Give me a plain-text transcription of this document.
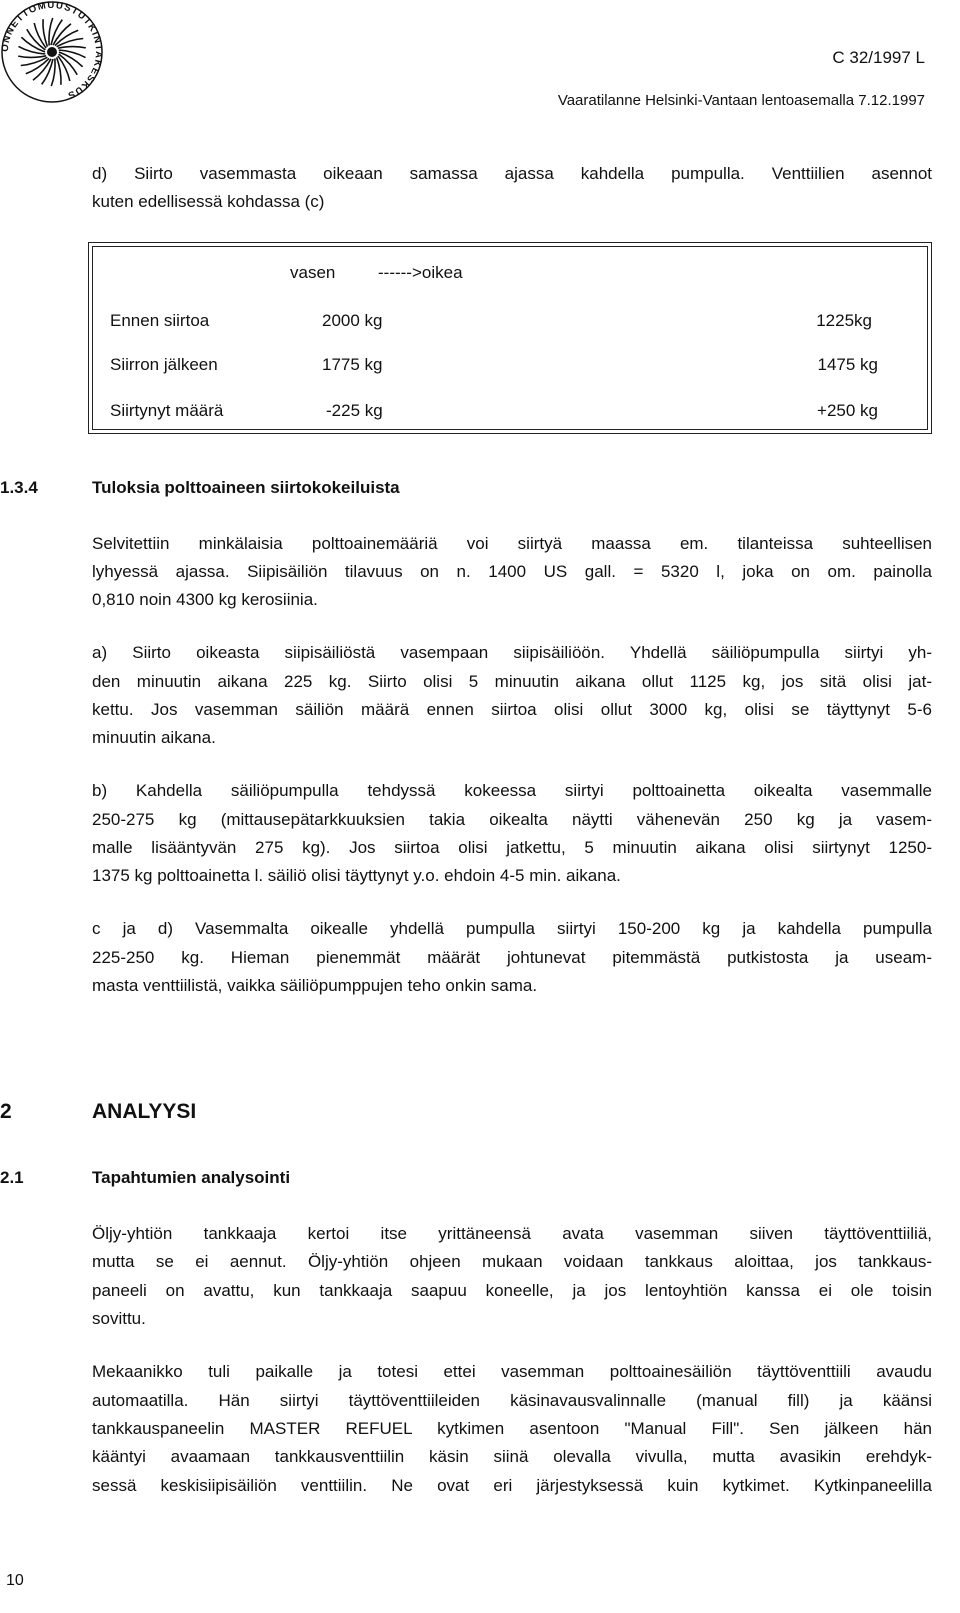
ONNETTOMUUSTUTKINTAKESKUS
C 32/1997 L
Vaaratilanne Helsinki-Vantaan lentoasemalla 7.12.1997

d) Siirto vasemmasta oikeaan samassa ajassa kahdella pumpulla. Venttiilien asennot

kuten edellisessä kohdassa (c)

vasen	------>oikea
Ennen siirtoa	2000 kg	1225kg
Siirron jälkeen	1775 kg	1475 kg
Siirtynyt määrä	-225 kg	+250 kg
1.3.4	Tuloksia polttoaineen siirtokokeiluista

Selvitettiin minkälaisia polttoainemääriä voi siirtyä maassa em. tilanteissa suhteellisen

lyhyessä ajassa. Siipisäiliön tilavuus on n. 1400 US gall. = 5320 l, joka on om. painolla

0,810 noin 4300 kg kerosiinia.

a) Siirto oikeasta siipisäiliöstä vasempaan siipisäiliöön. Yhdellä säiliöpumpulla siirtyi yh-

den minuutin aikana 225 kg. Siirto olisi 5 minuutin aikana ollut 1125 kg, jos sitä olisi jat-

kettu. Jos vasemman säiliön määrä ennen siirtoa olisi ollut 3000 kg, olisi se täyttynyt 5-6

minuutin aikana.

b) Kahdella säiliöpumpulla tehdyssä kokeessa siirtyi polttoainetta oikealta vasemmalle

250-275 kg (mittausepätarkkuuksien takia oikealta näytti vähenevän 250 kg ja vasem-

malle lisääntyvän 275 kg). Jos siirtoa olisi jatkettu, 5 minuutin aikana olisi siirtynyt 1250-

1375 kg polttoainetta l. säiliö olisi täyttynyt y.o. ehdoin 4-5 min. aikana.

c ja d) Vasemmalta oikealle yhdellä pumpulla siirtyi 150-200 kg ja kahdella pumpulla

225-250 kg. Hieman pienemmät määrät johtunevat pitemmästä putkistosta ja useam-

masta venttiilistä, vaikka säiliöpumppujen teho onkin sama.

2	ANALYYSI
2.1	Tapahtumien analysointi

Öljy-yhtiön tankkaaja kertoi itse yrittäneensä avata vasemman siiven täyttöventtiiliä,

mutta se ei aennut. Öljy-yhtiön ohjeen mukaan voidaan tankkaus aloittaa, jos tankkaus-

paneeli on avattu, kun tankkaaja saapuu koneelle, ja jos lentoyhtiön kanssa ei ole toisin

sovittu.

Mekaanikko tuli paikalle ja totesi ettei vasemman polttoainesäiliön täyttöventtiili avaudu

automaatilla. Hän siirtyi täyttöventtiileiden käsinavausvalinnalle (manual fill) ja käänsi

tankkauspaneelin MASTER REFUEL kytkimen asentoon "Manual Fill". Sen jälkeen hän

kääntyi avaamaan tankkausventtiilin käsin siinä olevalla vivulla, mutta avasikin erehdyk-

sessä keskisiipisäiliön venttiilin. Ne ovat eri järjestyksessä kuin kytkimet. Kytkinpaneelilla

10
